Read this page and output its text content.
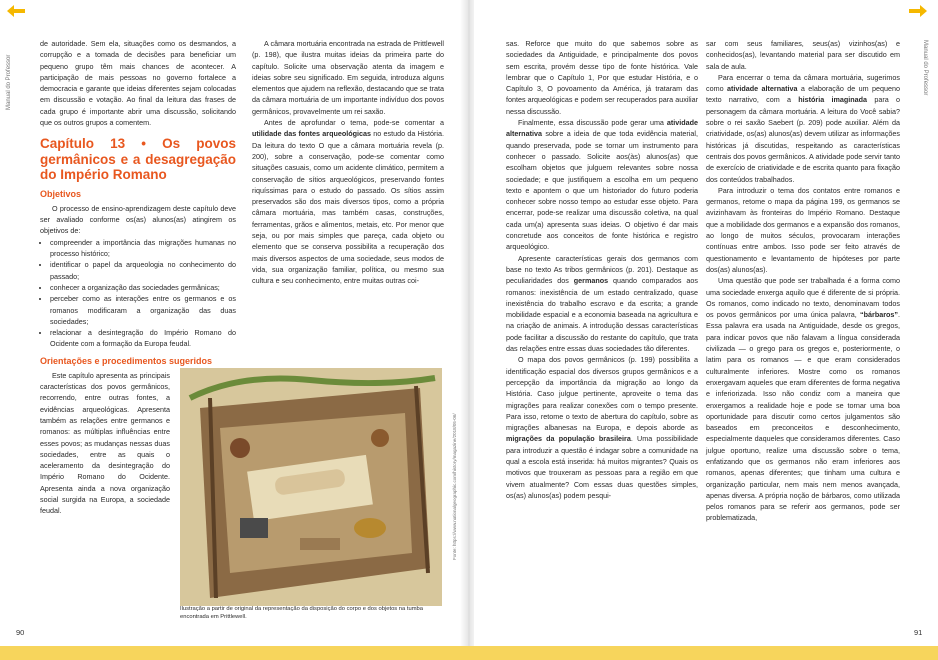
Manual do Professor

de autoridade. Sem ela, situações como os desmandos, a corrupção e a tomada de decisões para beneficiar um pequeno grupo têm mais chances de acontecer. A participação de mais pessoas no governo fortalece a democracia e garante que ideias diferentes sejam colocadas em discussão e votação. Ao final da leitura das frases de cada grupo é importante abrir uma discussão, solicitando que os outros grupos a comentem.

Capítulo 13 • Os povos germânicos e a desagregação do Império Romano
Objetivos

O processo de ensino-aprendizagem deste capítulo deve ser avaliado conforme os(as) alunos(as) atingirem os objetivos de:

• compreender a importância das migrações humanas no processo histórico;
• identificar o papel da arqueologia no conhecimento do passado;
• conhecer a organização das sociedades germânicas;
• perceber como as interações entre os germanos e os romanos modificaram a organização das duas sociedades;
• relacionar a desintegração do Império Romano do Ocidente com a formação da Europa feudal.
Orientações e procedimentos sugeridos

Este capítulo apresenta as principais características dos povos germânicos, recorrendo, entre outras fontes, a evidências arqueológicas. Apresenta também as relações entre germanos e romanos: as múltiplas influências entre esses povos; as mudanças nessas duas sociedades, entre as quais o aceleramento da desintegração do Império Romano do Ocidente. Apresenta ainda a nova organização social surgida na Europa, a sociedade feudal.

A câmara mortuária encontrada na estrada de Prittlewell (p. 198), que ilustra muitas ideias da primeira parte do capítulo. Solicite uma observação atenta da imagem e ideias sobre seu significado. Em seguida, introduza alguns elementos que ajudem na reflexão, destacando que se trata da câmara mortuária de um importante indivíduo dos povos germânicos, provavelmente um rei saxão.

Antes de aprofundar o tema, pode-se comentar a utilidade das fontes arqueológicas no estudo da História. Da leitura do texto O que a câmara mortuária revela (p. 200), sobre a conservação, pode-se comentar como situações casuais, como um acidente climático, permitem a conservação de sítios arqueológicos, preservando fontes riquíssimas para o estudo do passado. Os sítios assim preservados são dos mais diversos tipos, como a própria câmara mortuária, mas também casas, construções, ferramentas, grãos e alimentos, metais, etc. Por menor que seja, ou por mais simples que pareça, cada objeto ou elemento que se conserva possibilita a recuperação dos mais diversos aspectos de uma sociedade, seus modos de vida, sua organização familiar, política, ou mesmo sua cultura e seu conhecimento, entre muitas outras coi-

Ilustração a partir de original da representação da disposição do corpo e dos objetos na tumba encontrada em Prittlewell.
Fonte: https://www.nationalgeographic.com/history/magazine/2018/05-06/
90
Manual do Professor

sas. Reforce que muito do que sabemos sobre as sociedades da Antiguidade, e principalmente dos povos sem escrita, provém desse tipo de fonte histórica. Vale lembrar que o Capítulo 1, Por que estudar História, e o Capítulo 3, O povoamento da América, já trataram das fontes arqueológicas e podem ser recuperados para auxiliar nessa discussão.

Finalmente, essa discussão pode gerar uma atividade alternativa sobre a ideia de que toda evidência material, quando preservada, pode se tornar um instrumento para conhecer o passado. Solicite aos(às) alunos(as) que escolham objetos que julguem relevantes sobre nossa sociedade; e que justifiquem a escolha em um pequeno texto e apontem o que um historiador do futuro poderia conhecer sobre nosso tempo ao estudar esse objeto. Para encerrar, pode-se realizar uma discussão coletiva, na qual cada um(a) apresenta suas ideias. O objetivo é dar mais concretude aos conceitos de fonte histórica e registro arqueológico.

Apresente características gerais dos germanos com base no texto As tribos germânicos (p. 201). Destaque as peculiaridades dos germanos quando comparados aos romanos: inexistência de um estado centralizado, quase inexistência do trabalho escravo e da escrita; a grande mobilidade espacial e a economia baseada na agricultura e na criação de animais. A introdução dessas características pode facilitar a discussão do restante do capítulo, que trata das relações entre essas duas sociedades tão diferentes.

O mapa dos povos germânicos (p. 199) possibilita a identificação espacial dos diversos grupos germânicos e a percepção da importância da migração ao longo da História. Caso julgue pertinente, aproveite o tema das migrações para realizar conexões com o tempo presente. Para isso, retome o texto de abertura do capítulo, sobre as migrações albanesas na Europa, e depois aborde as migrações da população brasileira. Uma possibilidade para introduzir a questão é indagar sobre a comunidade na qual a escola está inserida: há muitos migrantes? Quais os motivos que trouxeram as pessoas para a região em que vivem atualmente? Com essas duas questões simples, os(as) alunos(as) podem pesqui-

sar com seus familiares, seus(as) vizinhos(as) e conhecidos(as), levantando material para ser discutido em sala de aula.

Para encerrar o tema da câmara mortuária, sugerimos como atividade alternativa a elaboração de um pequeno texto narrativo, com a história imaginada para o personagem da câmara mortuária. A leitura do Você sabia? sobre o rei saxão Saebert (p. 209) pode auxiliar. Além da criatividade, os(as) alunos(as) devem utilizar as informações históricas já discutidas, respeitando as características centrais dos povos germânicos. A atividade pode servir tanto de exercício de criatividade e de escrita quanto para fixação dos conteúdos trabalhados.

Para introduzir o tema dos contatos entre romanos e germanos, retome o mapa da página 199, os germanos se avizinhavam às fronteiras do Império Romano. Destaque que a mobilidade dos germanos e a expansão dos romanos, ao longo de muitos séculos, provocaram interações contínuas entre ambos. Isso pode ser feito através de questionamento e levantamento de hipóteses por parte dos(as) alunos(as).

Uma questão que pode ser trabalhada é a forma como uma sociedade enxerga aquilo que é diferente de si própria. Os romanos, como indicado no texto, denominavam todos os povos germânicos por uma única palavra, “bárbaros”. Essa palavra era usada na Antiguidade, desde os gregos, para indicar povos que não falavam a língua considerada civilizada — o grego para os gregos e, posteriormente, o latim para os romanos — e que eram considerados culturalmente inferiores. Mostre como os romanos enxergavam aqueles que eram diferentes de forma negativa e inferiorizada. Isso não condiz com a maneira que enxergamos a realidade hoje e pode se tornar uma boa oportunidade para discutir como certos julgamentos são baseados em preconceitos e desconhecimento, especialmente daqueles que consideramos diferentes. Caso julgue oportuno, realize uma discussão sobre o tema, enfatizando que os germanos não eram inferiores aos romanos, apenas diferentes; que tinham uma cultura e organização particular, nem mais nem menos avançada, apenas diversa. A própria noção de bárbaros, como utilizada pelos romanos para se referir aos germanos, pode ser problematizada,

91
